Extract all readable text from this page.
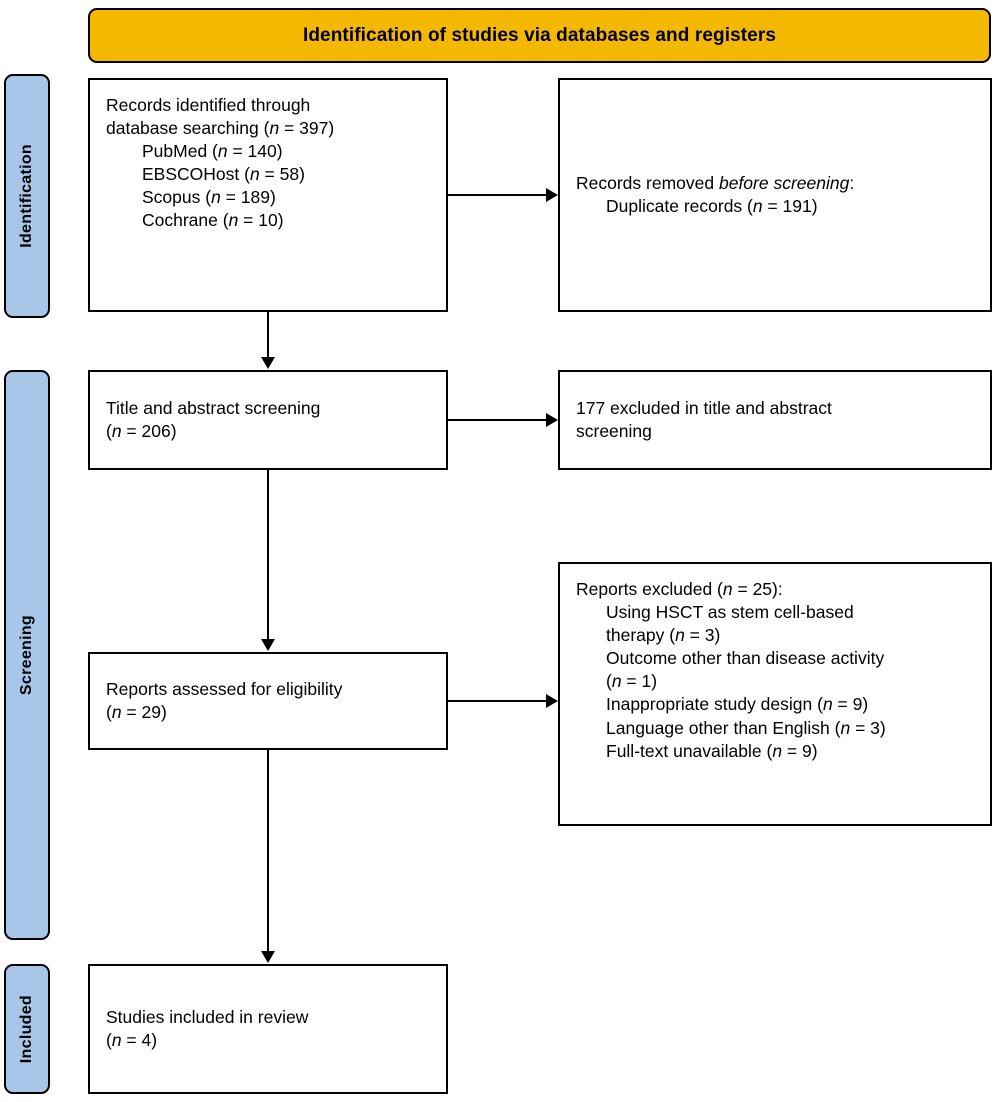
Identification of studies via databases and registers
Identification
Screening
Included
Records identified through
database searching (n = 397)
PubMed (n = 140)
EBSCOHost (n = 58)
Scopus (n = 189)
Cochrane (n = 10)
Records removed before screening:
Duplicate records (n = 191)
Title and abstract screening
(n = 206)
177 excluded in title and abstract
screening
Reports assessed for eligibility
(n = 29)
Reports excluded (n = 25):
Using HSCT as stem cell-based
therapy (n = 3)
Outcome other than disease activity
(n = 1)
Inappropriate study design (n = 9)
Language other than English (n = 3)
Full-text unavailable (n = 9)
Studies included in review
(n = 4)
